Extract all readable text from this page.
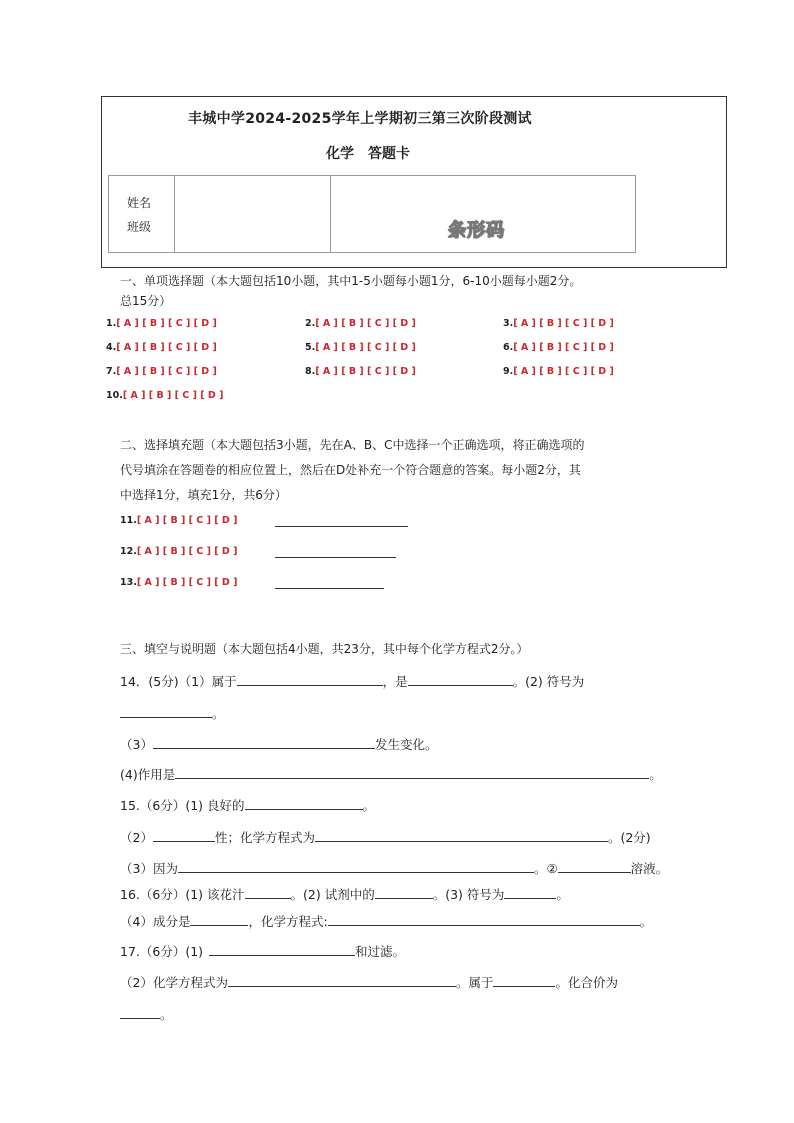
丰城中学2024-2025学年上学期初三第三次阶段测试
化学　答题卡
姓名
班级	条形码
一、单项选择题（本大题包括10小题，其中1-5小题每小题1分，6-10小题每小题2分。
总15分）
1.[ A ] [ B ] [ C ] [ D ]	2.[ A ] [ B ] [ C ] [ D ]	3.[ A ] [ B ] [ C ] [ D ]
4.[ A ] [ B ] [ C ] [ D ]	5.[ A ] [ B ] [ C ] [ D ]	6.[ A ] [ B ] [ C ] [ D ]
7.[ A ] [ B ] [ C ] [ D ]	8.[ A ] [ B ] [ C ] [ D ]	9.[ A ] [ B ] [ C ] [ D ]
10.[ A ] [ B ] [ C ] [ D ]
二、选择填充题（本大题包括3小题，先在A、B、C中选择一个正确选项，将正确选项的
代号填涂在答题卷的相应位置上，然后在D处补充一个符合题意的答案。每小题2分，其
中选择1分，填充1分，共6分）
11.[ A ] [ B ] [ C ] [ D ]
12.[ A ] [ B ] [ C ] [ D ]
13.[ A ] [ B ] [ C ] [ D ]
三、填空与说明题（本大题包括4小题，共23分，其中每个化学方程式2分。）
14．(5分)（1）属于	，是	。(2) 符号为
。
（3）	发生变化。
(4)作用是	。
15.（6分）(1) 良好的	。
（2）	性；化学方程式为	。(2分)
（3）因为	。②	溶液。
16.（6分）(1) 该花汁	。(2) 试剂中的	。(3) 符号为	。
（4）成分是	，化学方程式:	。
17.（6分）(1)	和过滤。
（2）化学方程式为	。属于	。化合价为
。
